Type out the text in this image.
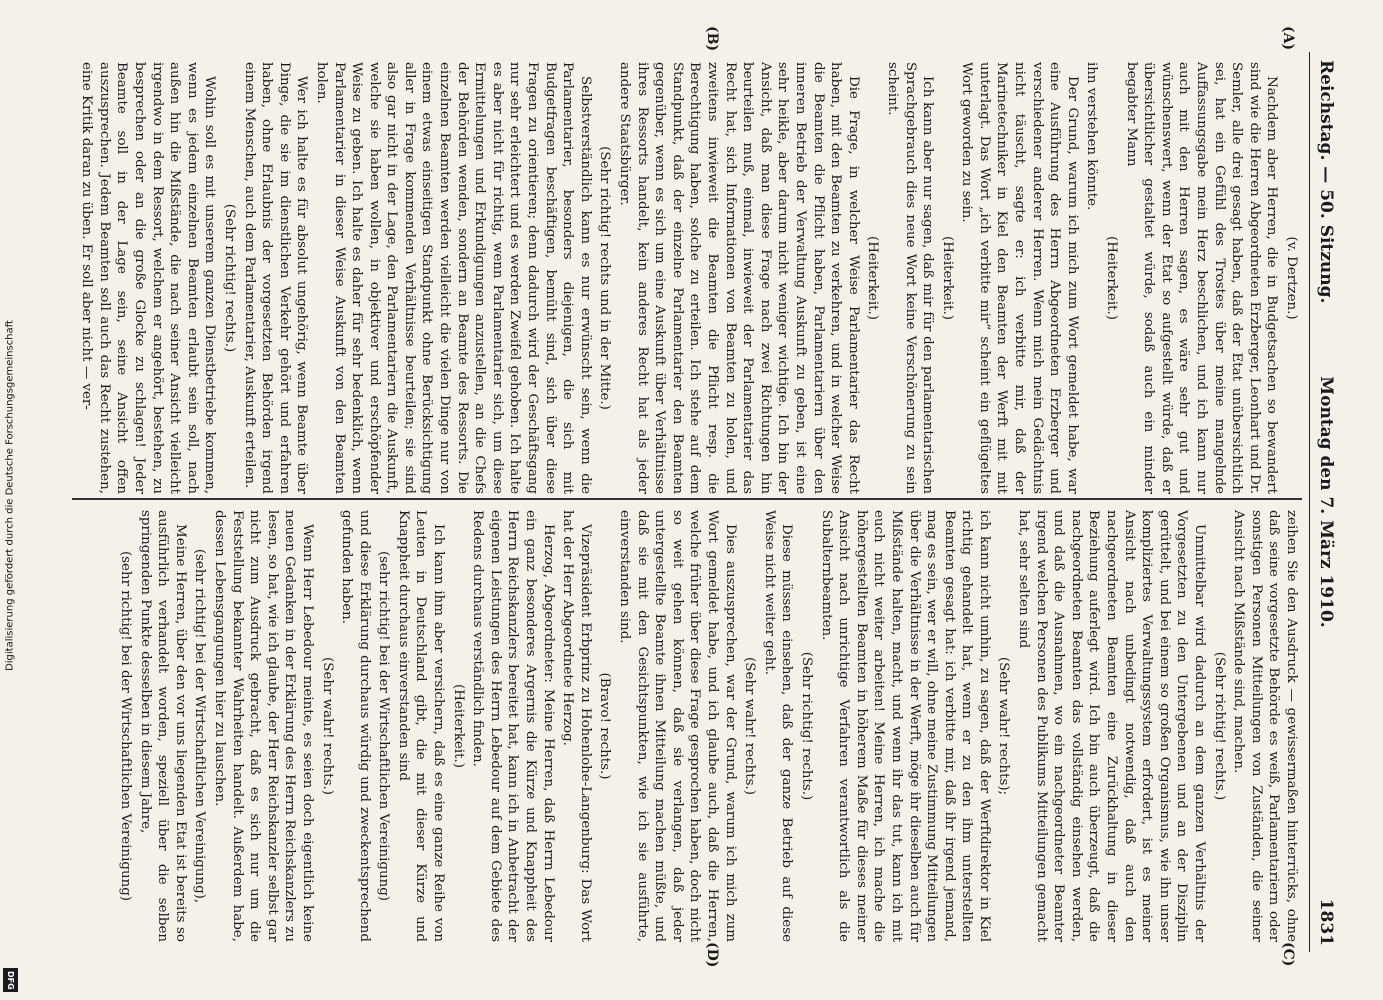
Digitalisierung gefördert durch die Deutsche Forschungsgemeinschaft
DFG
Reichstag. — 50. Sitzung.
Montag den 7. März 1910.
1831
(A)
(B)
(C)
(D)

(v. Dertzen.)

Nachdem aber Herren, die in Budgetsachen so bewandert sind wie die Herren Abgeordneten Erzberger, Leonhart und Dr. Semler, alle drei gesagt haben, daß der Etat unübersichtlich sei, hat ein Gefühl des Trostes über meine mangelnde Auffassungsgabe mein Herz beschlichen, und ich kann nur auch mit den Herren sagen, es wäre sehr gut und wünschenswert, wenn der Etat so aufgestellt würde, daß er übersichtlicher gestaltet würde, sodaß auch ein minder begabter Mann

(Heiterkeit.)

ihn verstehen könnte.

Der Grund, warum ich mich zum Wort gemeldet habe, war eine Ausführung des Herrn Abgeordneten Erzberger und verschiedener anderer Herren. Wenn mich mein Gedächtnis nicht täuscht, sagte er: ich verbitte mir, daß der Marinetechniker in Kiel den Beamten der Werft mit mit unterlagt. Das Wort „ich verbitte mir“ scheint ein geflügeltes Wort geworden zu sein.

(Heiterkeit.)

Ich kann aber nur sagen, daß mir für den parlamentarischen Sprachgebrauch dies neue Wort keine Verschönerung zu sein scheint.

(Heiterkeit.)

Die Frage, in welcher Weise Parlamentarier das Recht haben, mit den Beamten zu verkehren, und in welcher Weise die Beamten die Pflicht haben, Parlamentariern über den inneren Betrieb der Verwaltung Auskunft zu geben, ist eine sehr heikle, aber darum nicht weniger wichtige. Ich bin der Ansicht, daß man diese Frage nach zwei Richtungen hin beurteilen muß, einmal, inwieweit der Parlamentarier das Recht hat, sich Informationen von Beamten zu holen, und zweitens inwieweit die Beamten die Pflicht resp. die Berechtigung haben, solche zu erteilen. Ich stehe auf dem Standpunkt, daß der einzelne Parlamentarier den Beamten gegenüber, wenn es sich um eine Auskunft über Verhältnisse ihres Ressorts handelt, kein anderes Recht hat als jeder andere Staatsbürger.

(Sehr richtig! rechts und in der Mitte.)

Selbstverständlich kann es nur erwünscht sein, wenn die Parlamentarier, besonders diejenigen, die sich mit Budgetfragen beschäftigen, bemüht sind, sich über diese Fragen zu orientieren; denn dadurch wird der Geschäftsgang nur sehr erleichtert und es werden Zweifel gehoben. Ich halte es aber nicht für richtig, wenn Parlamentarier sich, um diese Ermittelungen und Erkundigungen anzustellen, an die Chefs der Behörden wenden, sondern an Beamte des Ressorts. Die einzelnen Beamten werden vielleicht die vielen Dinge nur von einem etwas einseitigen Standpunkt ohne Berücksichtigung aller in Frage kommenden Verhältnisse beurteilen; sie sind also gar nicht in der Lage, den Parlamentariern die Auskunft, welche sie haben wollen, in objektiver und erschöpfender Weise zu geben. Ich halte es daher für sehr bedenklich, wenn Parlamentarier in dieser Weise Auskunft von den Beamten holen.

Wer ich halte es für absolut ungehörig, wenn Beamte über Dinge, die sie im dienstlichen Verkehr gehört und erfahren haben, ohne Erlaubnis der vorgesetzten Behörden irgend einem Menschen, auch dem Parlamentarier, Auskunft erteilen.

(Sehr richtig! rechts.)

Wohin soll es mit unserem ganzen Dienstbetriebe kommen, wenn es jedem einzelnen Beamten erlaubt sein soll, nach außen hin die Mißstände, die nach seiner Ansicht vielleicht irgendwo in dem Ressort, welchem er angehört, bestehen, zu besprechen oder an die große Glocke zu schlagen! Jeder Beamte soll in der Lage sein, seine Ansicht offen auszusprechen. Jedem Beamten soll auch das Recht zustehen, eine Kritik daran zu üben. Er soll aber nicht — ver-

zeihen Sie den Ausdruck — gewissermaßen hinterrücks, ohne daß seine vorgesetzte Behörde es weiß, Parlamentariern oder sonstigen Personen Mitteilungen von Zuständen, die seiner Ansicht nach Mißstände sind, machen.

(Sehr richtig! rechts.)

Unmittelbar wird dadurch an dem ganzen Verhältnis der Vorgesetzten zu den Untergebenen und an der Disziplin gerüttelt, und bei einem so großen Organismus, wie ihn unser kompliziertes Verwaltungssystem erfordert, ist es meiner Ansicht nach unbedingt notwendig, daß auch den nachgeordneten Beamten eine Zurückhaltung in dieser Beziehung auferlegt wird. Ich bin auch überzeugt, daß die nachgeordneten Beamten das vollständig einsehen werden, und daß die Ausnahmen, wo ein nachgeordneter Beamter irgend welchen Personen des Publikums Mitteilungen gemacht hat, sehr selten sind

(Sehr wahr! rechts);

ich kann nicht umhin, zu sagen, daß der Werftdirektor in Kiel richtig gehandelt hat, wenn er zu den ihm unterstellten Beamten gesagt hat: ich verbitte mir, daß ihr irgend jemand, mag es sein, wer er will, ohne meine Zustimmung Mitteilungen über die Verhältnisse in der Werft, möge ihr dieselben auch für Mißstände halten, macht, und wenn ihr das tut, kann ich mit euch nicht weiter arbeiten! Meine Herren, ich mache die höhergestellten Beamten in höherem Maße für dieses meiner Ansicht nach unrichtige Verfahren verantwortlich als die Subalternbeamten.

(Sehr richtig! rechts.)

Diese müssen einsehen, daß der ganze Betrieb auf diese Weise nicht weiter geht.

(Sehr wahr! rechts.)

Dies auszusprechen, war der Grund, warum ich mich zum Wort gemeldet habe, und ich glaube auch, daß die Herren, welche früher über diese Frage gesprochen haben, doch nicht so weit gehen können, daß sie verlangen, daß jeder untergestellte Beamte ihnen Mitteilung machen müßte, und daß sie mit den Gesichtspunkten, wie ich sie ausführte, einverstanden sind.

(Bravo! rechts.)

Vizepräsident Erbprinz zu Hohenlohe-Langenburg: Das Wort hat der Herr Abgeordnete Herzog.

Herzog, Abgeordneter: Meine Herren, daß Herrn Lebedour ein ganz besonderes Argernis die Kürze und Knappheit des Herrn Reichskanzlers bereitet hat, kann ich in Anbetracht der eigenen Leistungen des Herrn Lebedour auf dem Gebiete des Redens durchaus verständlich finden.

(Heiterkeit.)

Ich kann ihm aber versichern, daß es eine ganze Reihe von Leuten in Deutschland gibt, die mit dieser Kürze und Knappheit durchaus einverstanden sind

(sehr richtig! bei der Wirtschaftlichen Vereinigung)

und diese Erklärung durchaus würdig und zweckentsprechend gefunden haben.

(Sehr wahr! rechts.)

Wenn Herr Lebedour meinte, es seien doch eigentlich keine neuen Gedanken in der Erklärung des Herrn Reichskanzlers zu lesen, so hat, wie ich glaube, der Herr Reichskanzler selbst gar nicht zum Ausdruck gebracht, daß es sich nur um die Feststellung bekannter Wahrheiten handelt. Außerdem habe, dessen Lebensgangungen hier zu lauschen.

(sehr richtig! bei der Wirtschaftlichen Vereinigung),

Meine Herren, über den vor uns liegenden Etat ist bereits so ausführlich verhandelt worden, speziell über die selben springenden Punkte desselben in diesem Jahre,

(sehr richtig! bei der Wirtschaftlichen Vereinigung)
